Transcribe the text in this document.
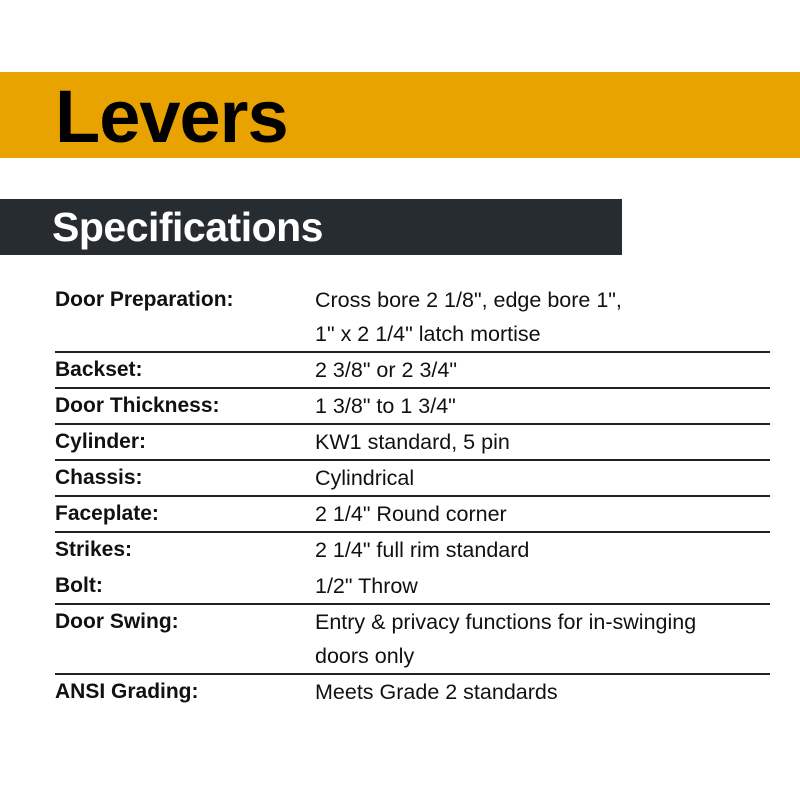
Levers
Specifications
Door Preparation:	Cross bore 2 1/8", edge bore 1",
1" x 2 1/4" latch mortise
Backset:	2 3/8" or 2 3/4"
Door Thickness:	1 3/8" to 1 3/4"
Cylinder:	KW1 standard, 5 pin
Chassis:	Cylindrical
Faceplate:	2 1/4" Round corner
Strikes:	2 1/4" full rim standard
Bolt:	1/2" Throw
Door Swing:	Entry & privacy functions for in-swinging
doors only
ANSI Grading:	Meets Grade 2 standards
